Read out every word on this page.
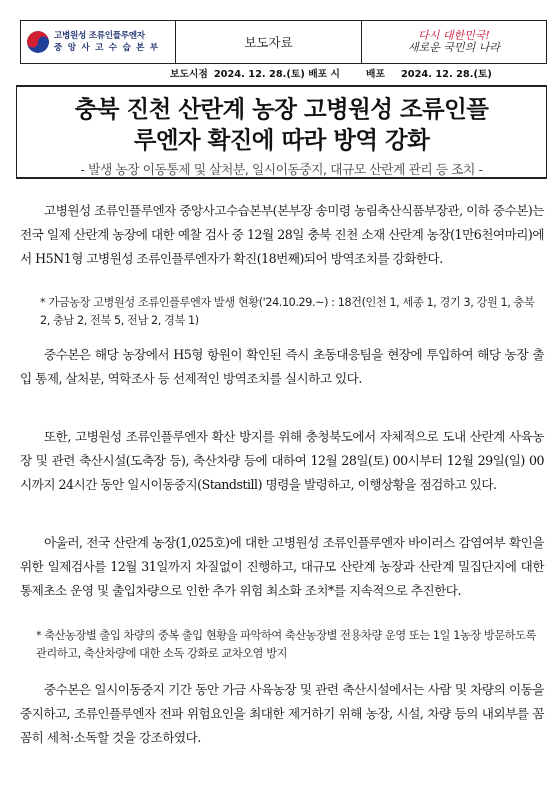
고병원성 조류인플루엔자
중 앙 사 고 수 습 본 부	보도자료	다시 대한민국!
새로운 국민의 나라
보도시점 2024. 12. 28.(토) 배포 시	배포 2024. 12. 28.(토)
충북 진천 산란계 농장 고병원성 조류인플
루엔자 확진에 따라 방역 강화
- 발생 농장 이동통제 및 살처분, 일시이동중지, 대규모 산란계 관리 등 조치 -
고병원성 조류인플루엔자 중앙사고수습본부(본부장 송미령 농림축산식품부장관, 이하 중수본)는 전국 일제 산란계 농장에 대한 예찰 검사 중 12월 28일 충북 진천 소재 산란계 농장(1만6천여마리)에서 H5N1형 고병원성 조류인플루엔자가 확진(18번째)되어 방역조치를 강화한다.
* 가금농장 고병원성 조류인플루엔자 발생 현황('24.10.29.~) : 18건(인천 1, 세종 1, 경기 3, 강원 1, 충북 2, 충남 2, 전북 5, 전남 2, 경북 1)
중수본은 해당 농장에서 H5형 항원이 확인된 즉시 초동대응팀을 현장에 투입하여 해당 농장 출입 통제, 살처분, 역학조사 등 선제적인 방역조치를 실시하고 있다.
또한, 고병원성 조류인플루엔자 확산 방지를 위해 충청북도에서 자체적으로 도내 산란계 사육농장 및 관련 축산시설(도축장 등), 축산차량 등에 대하여 12월 28일(토) 00시부터 12월 29일(일) 00시까지 24시간 동안 일시이동중지(Standstill) 명령을 발령하고, 이행상황을 점검하고 있다.
아울러, 전국 산란계 농장(1,025호)에 대한 고병원성 조류인플루엔자 바이러스 감염여부 확인을 위한 일제검사를 12월 31일까지 차질없이 진행하고, 대규모 산란계 농장과 산란계 밀집단지에 대한 통제초소 운영 및 출입차량으로 인한 추가 위험 최소화 조치*를 지속적으로 추진한다.
* 축산농장별 출입 차량의 중복 출입 현황을 파악하여 축산농장별 전용차량 운영 또는 1일 1농장 방문하도록 관리하고, 축산차량에 대한 소독 강화로 교차오염 방지
중수본은 일시이동중지 기간 동안 가금 사육농장 및 관련 축산시설에서는 사람 및 차량의 이동을 중지하고, 조류인플루엔자 전파 위험요인을 최대한 제거하기 위해 농장, 시설, 차량 등의 내외부를 꼼꼼히 세척·소독할 것을 강조하였다.
